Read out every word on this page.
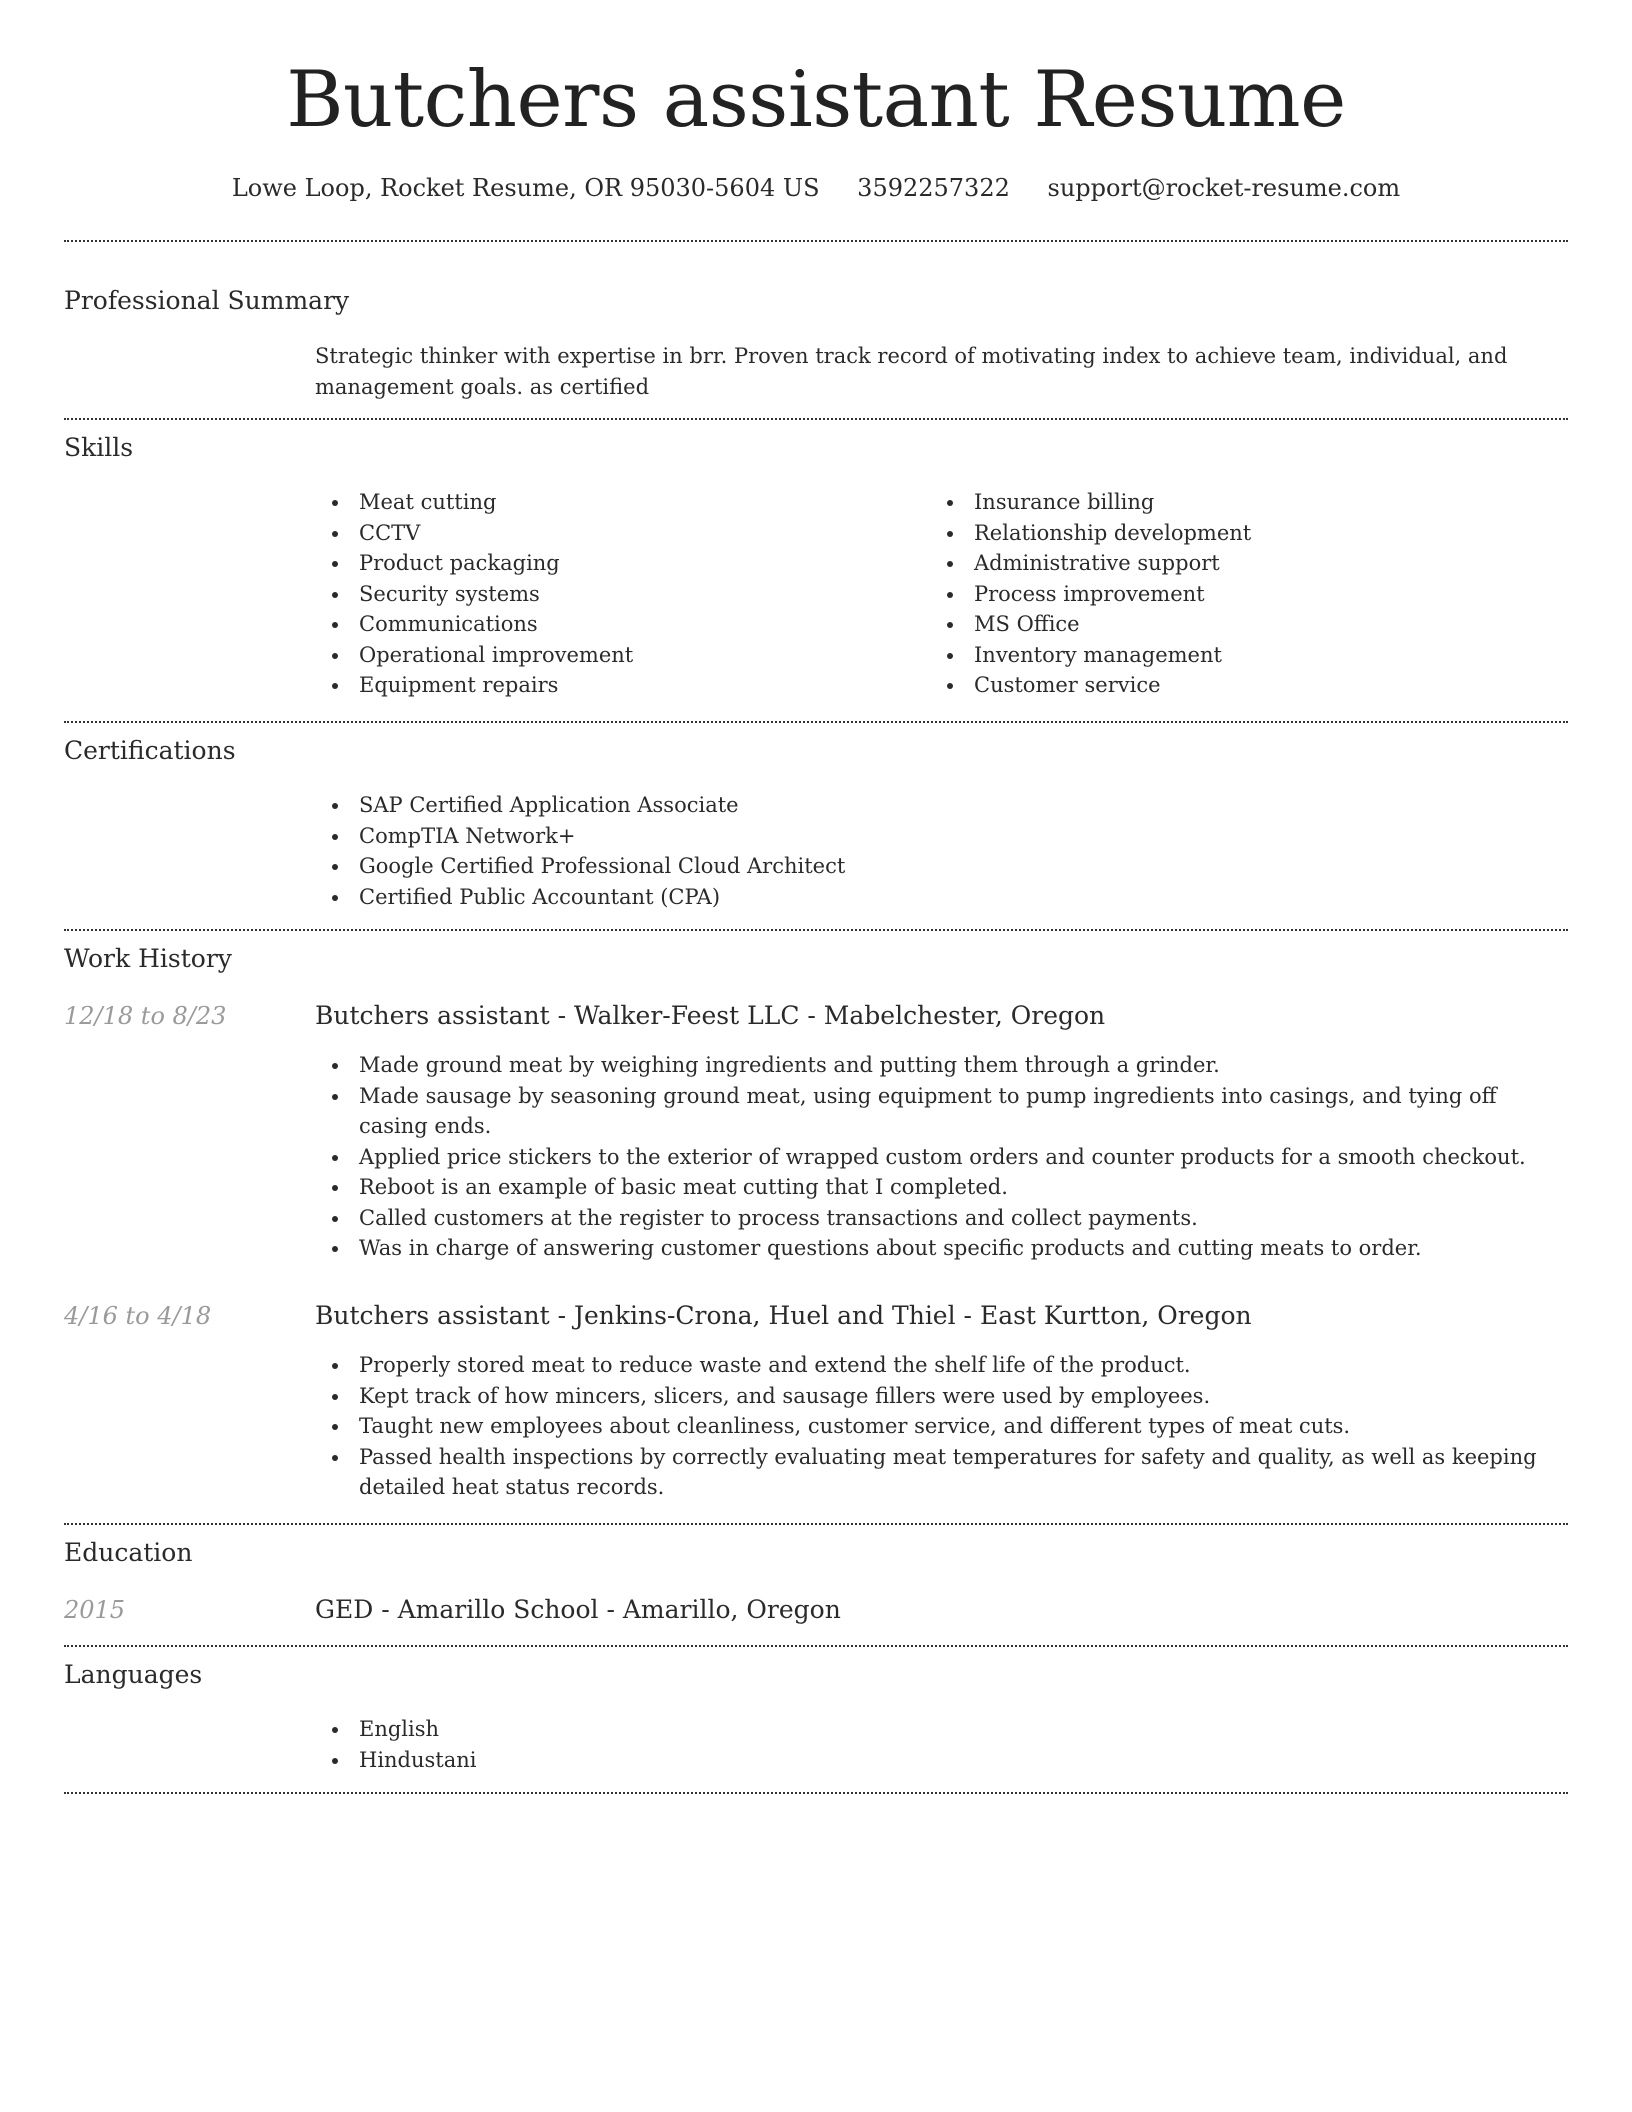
Butchers assistant Resume
Lowe Loop, Rocket Resume, OR 95030-5604 US 3592257322 support@rocket-resume.com
Professional Summary
Strategic thinker with expertise in brr. Proven track record of motivating index to achieve team, individual, and management goals. as certified
Skills
Meat cutting
CCTV
Product packaging
Security systems
Communications
Operational improvement
Equipment repairs
Insurance billing
Relationship development
Administrative support
Process improvement
MS Office
Inventory management
Customer service
Certifications
SAP Certified Application Associate
CompTIA Network+
Google Certified Professional Cloud Architect
Certified Public Accountant (CPA)
Work History
12/18 to 8/23	Butchers assistant - Walker-Feest LLC - Mabelchester, Oregon
Made ground meat by weighing ingredients and putting them through a grinder.
Made sausage by seasoning ground meat, using equipment to pump ingredients into casings, and tying off casing ends.
Applied price stickers to the exterior of wrapped custom orders and counter products for a smooth checkout.
Reboot is an example of basic meat cutting that I completed.
Called customers at the register to process transactions and collect payments.
Was in charge of answering customer questions about specific products and cutting meats to order.
4/16 to 4/18	Butchers assistant - Jenkins-Crona, Huel and Thiel - East Kurtton, Oregon
Properly stored meat to reduce waste and extend the shelf life of the product.
Kept track of how mincers, slicers, and sausage fillers were used by employees.
Taught new employees about cleanliness, customer service, and different types of meat cuts.
Passed health inspections by correctly evaluating meat temperatures for safety and quality, as well as keeping detailed heat status records.
Education
2015	GED - Amarillo School - Amarillo, Oregon
Languages
English
Hindustani
